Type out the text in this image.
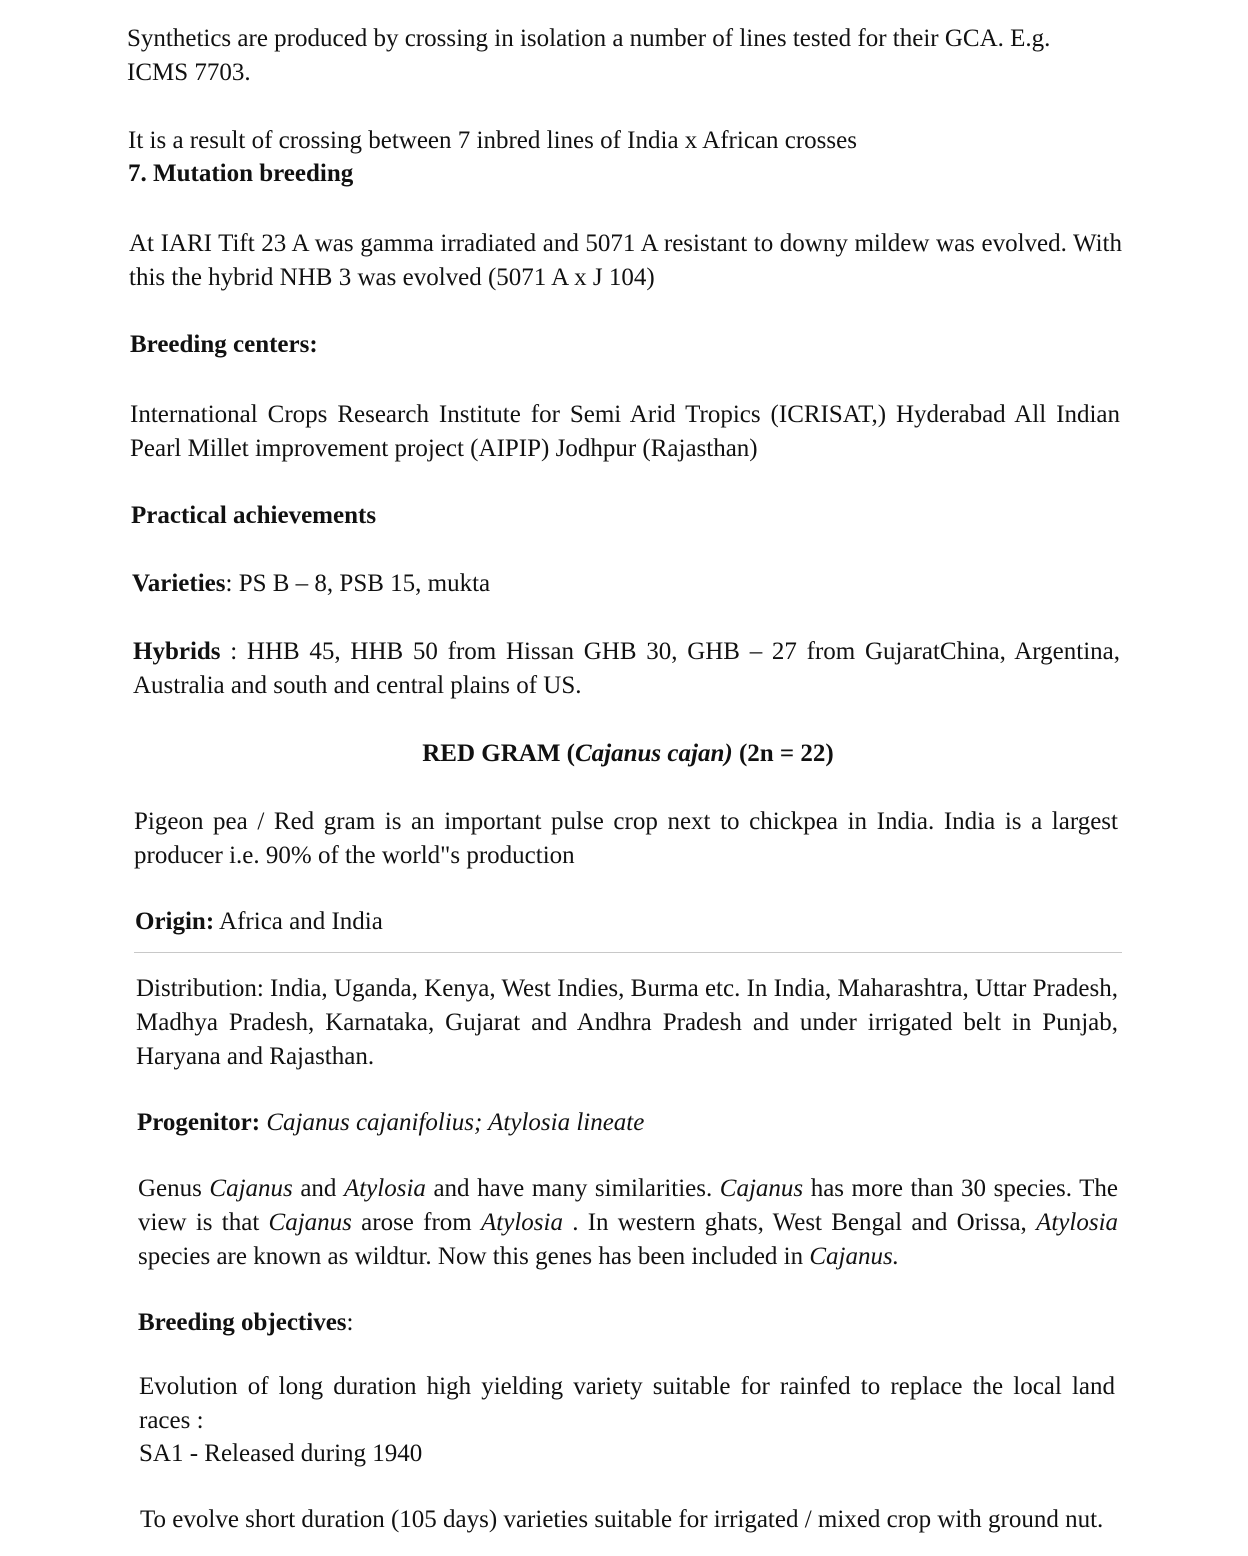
Synthetics are produced by crossing in isolation a number of lines tested for their GCA. E.g.
ICMS 7703.

It is a result of crossing between 7 inbred lines of India x African crosses

7. Mutation breeding

At IARI Tift 23 A was gamma irradiated and 5071 A resistant to downy mildew was evolved. With this the hybrid NHB 3 was evolved (5071 A x J 104)

Breeding centers:

International Crops Research Institute for Semi Arid Tropics (ICRISAT,) Hyderabad All Indian Pearl Millet improvement project (AIPIP) Jodhpur (Rajasthan)

Practical achievements

Varieties: PS B – 8, PSB 15, mukta

Hybrids : HHB 45, HHB 50 from Hissan GHB 30, GHB – 27 from GujaratChina, Argentina, Australia and south and central plains of US.

RED GRAM (Cajanus cajan) (2n = 22)

Pigeon pea / Red gram is an important pulse crop next to chickpea in India. India is a largest producer i.e. 90% of the world"s production

Origin: Africa and India

Distribution: India, Uganda, Kenya, West Indies, Burma etc. In India, Maharashtra, Uttar Pradesh, Madhya Pradesh, Karnataka, Gujarat and Andhra Pradesh and under irrigated belt in Punjab, Haryana and Rajasthan.

Progenitor: Cajanus cajanifolius; Atylosia lineate

Genus Cajanus and Atylosia and have many similarities. Cajanus has more than 30 species. The view is that Cajanus arose from Atylosia . In western ghats, West Bengal and Orissa, Atylosia species are known as wildtur. Now this genes has been included in Cajanus.

Breeding objectives:

Evolution of long duration high yielding variety suitable for rainfed to replace the local land races :

SA1 - Released during 1940

To evolve short duration (105 days) varieties suitable for irrigated / mixed crop with ground nut.
